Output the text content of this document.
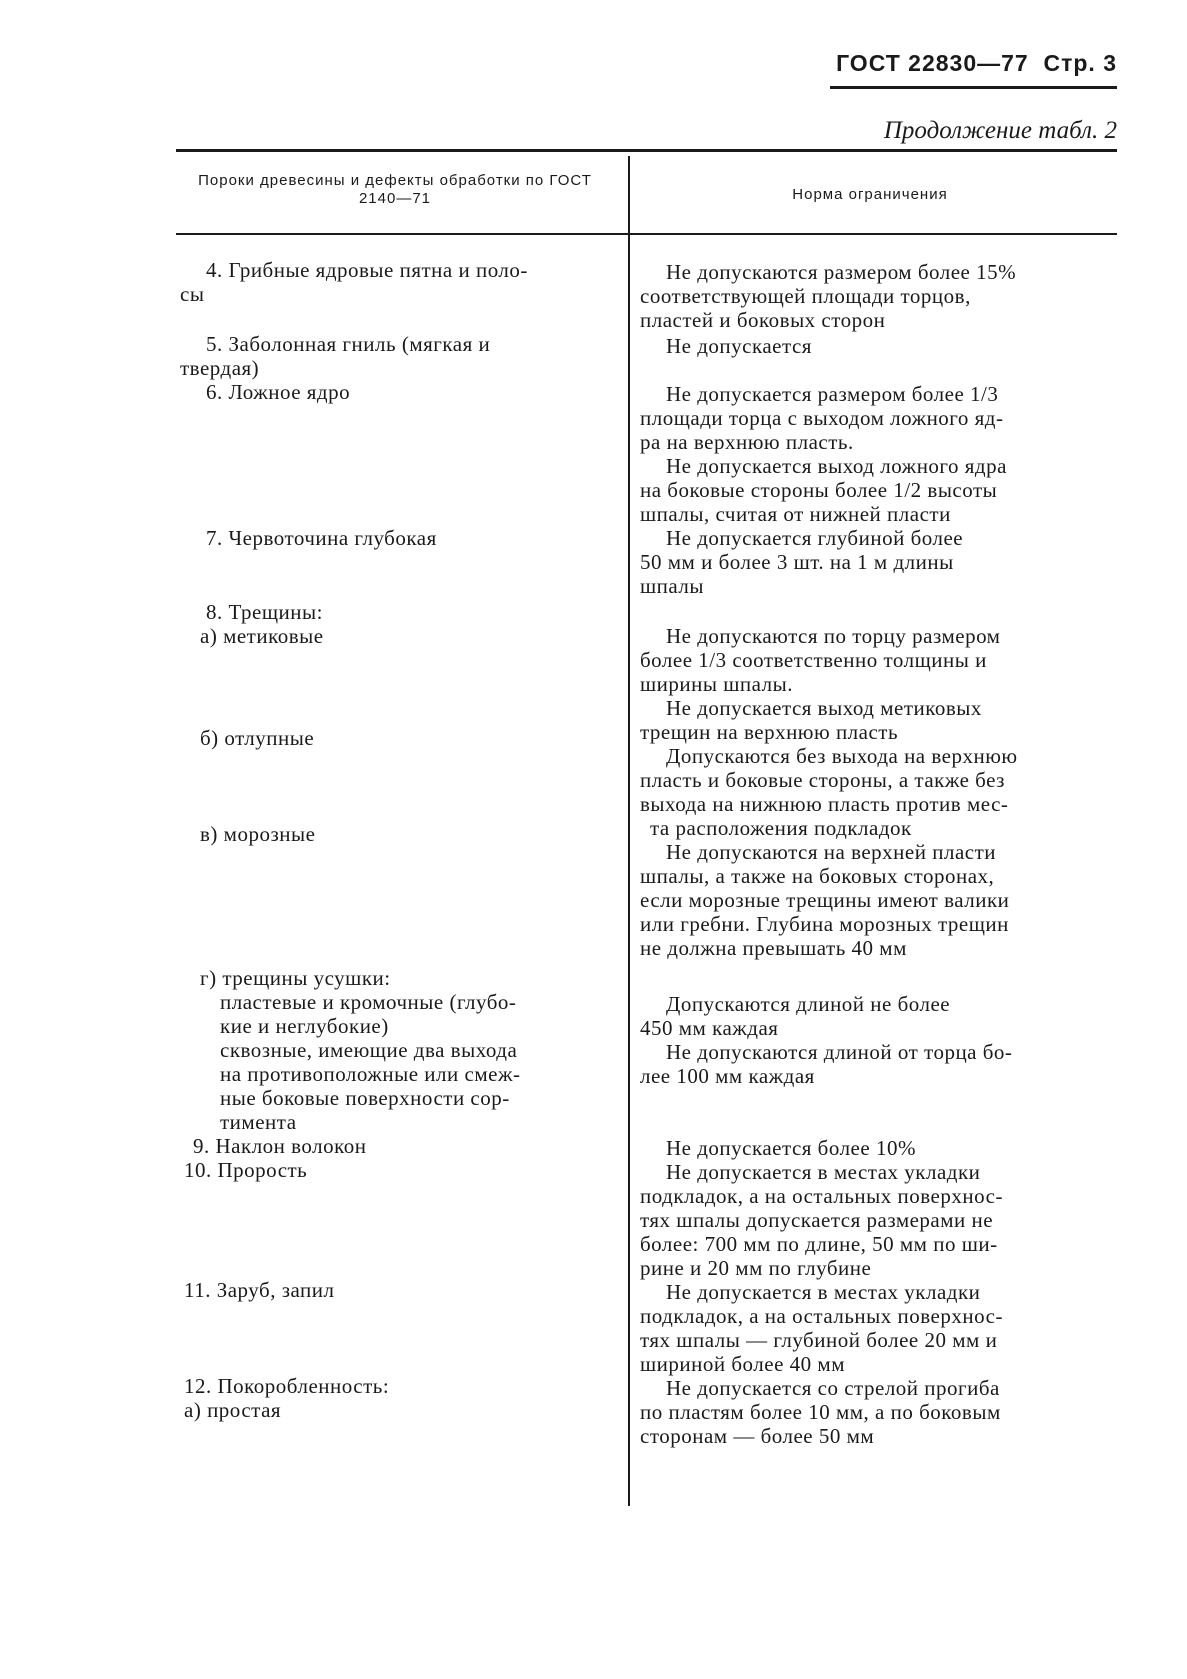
ГОСТ 22830—77 Стр. 3
Продолжение табл. 2
Пороки древесины и дефекты обработки по ГОСТ 2140—71	Норма ограничения
4. Грибные ядровые пятна и поло-
сы
5. Заболонная гниль (мягкая и
твердая)
6. Ложное ядро
7. Червоточина глубокая
8. Трещины:
а) метиковые
б) отлупные
в) морозные
г) трещины усушки:
пластевые и кромочные (глубо-
кие и неглубокие)
сквозные, имеющие два выхода
на противоположные или смеж-
ные боковые поверхности сор-
тимента
9. Наклон волокон
10. Прорость
11. Заруб, запил
12. Покоробленность:
а) простая
Не допускаются размером более 15%
соответствующей площади торцов,
пластей и боковых сторон
Не допускается
Не допускается размером более 1/3
площади торца с выходом ложного яд-
ра на верхнюю пласть.
Не допускается выход ложного ядра
на боковые стороны более 1/2 высоты
шпалы, считая от нижней пласти
Не допускается глубиной более
50 мм и более 3 шт. на 1 м длины
шпалы
Не допускаются по торцу размером
более 1/3 соответственно толщины и
ширины шпалы.
Не допускается выход метиковых
трещин на верхнюю пласть
Допускаются без выхода на верхнюю
пласть и боковые стороны, а также без
выхода на нижнюю пласть против мес-
та расположения подкладок
Не допускаются на верхней пласти
шпалы, а также на боковых сторонах,
если морозные трещины имеют валики
или гребни. Глубина морозных трещин
не должна превышать 40 мм
Допускаются длиной не более
450 мм каждая
Не допускаются длиной от торца бо-
лее 100 мм каждая
Не допускается более 10%
Не допускается в местах укладки
подкладок, а на остальных поверхнос-
тях шпалы допускается размерами не
более: 700 мм по длине, 50 мм по ши-
рине и 20 мм по глубине
Не допускается в местах укладки
подкладок, а на остальных поверхнос-
тях шпалы — глубиной более 20 мм и
шириной более 40 мм
Не допускается со стрелой прогиба
по пластям более 10 мм, а по боковым
сторонам — более 50 мм
